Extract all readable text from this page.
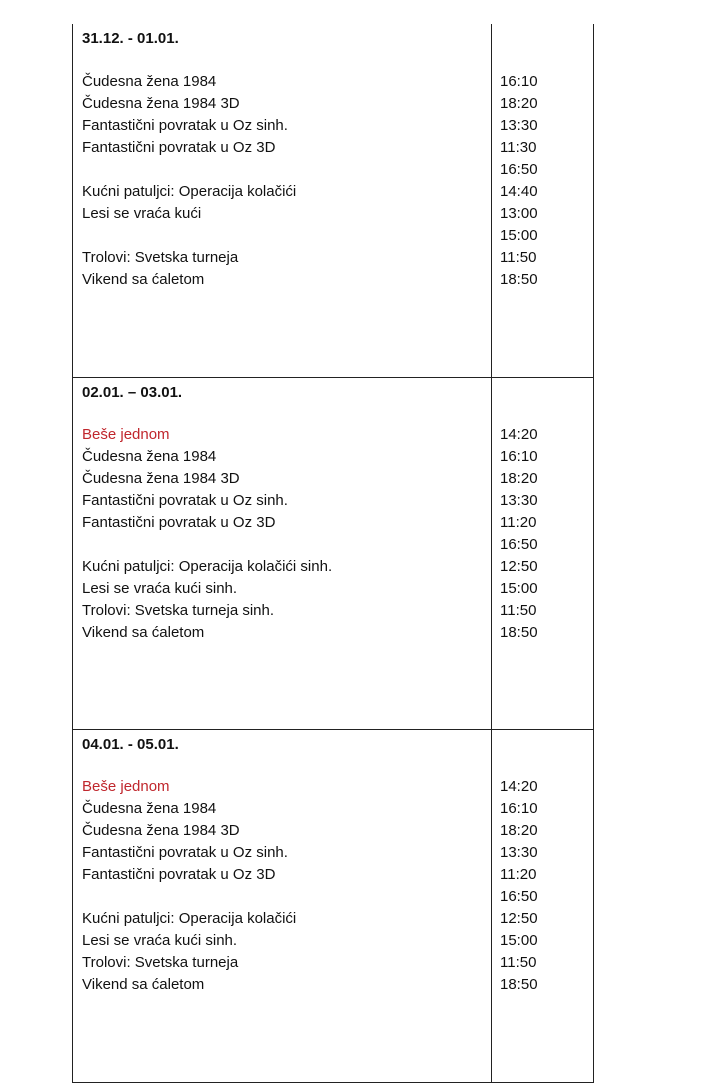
31.12. - 01.01.
Čudesna žena 1984	16:10
Čudesna žena 1984 3D	18:20
Fantastični povratak u Oz sinh.	13:30
Fantastični povratak u Oz 3D	11:30
16:50
Kućni patuljci: Operacija kolačići	14:40
Lesi se vraća kući	13:00
15:00
Trolovi: Svetska turneja	11:50
Vikend sa ćaletom	18:50
02.01. – 03.01.
Beše jednom	14:20
Čudesna žena 1984	16:10
Čudesna žena 1984 3D	18:20
Fantastični povratak u Oz sinh.	13:30
Fantastični povratak u Oz 3D	11:20
16:50
Kućni patuljci: Operacija kolačići sinh.	12:50
Lesi se vraća kući sinh.	15:00
Trolovi: Svetska turneja sinh.	11:50
Vikend sa ćaletom	18:50
04.01. - 05.01.
Beše jednom	14:20
Čudesna žena 1984	16:10
Čudesna žena 1984 3D	18:20
Fantastični povratak u Oz sinh.	13:30
Fantastični povratak u Oz 3D	11:20
16:50
Kućni patuljci: Operacija kolačići	12:50
Lesi se vraća kući sinh.	15:00
Trolovi: Svetska turneja	11:50
Vikend sa ćaletom	18:50
